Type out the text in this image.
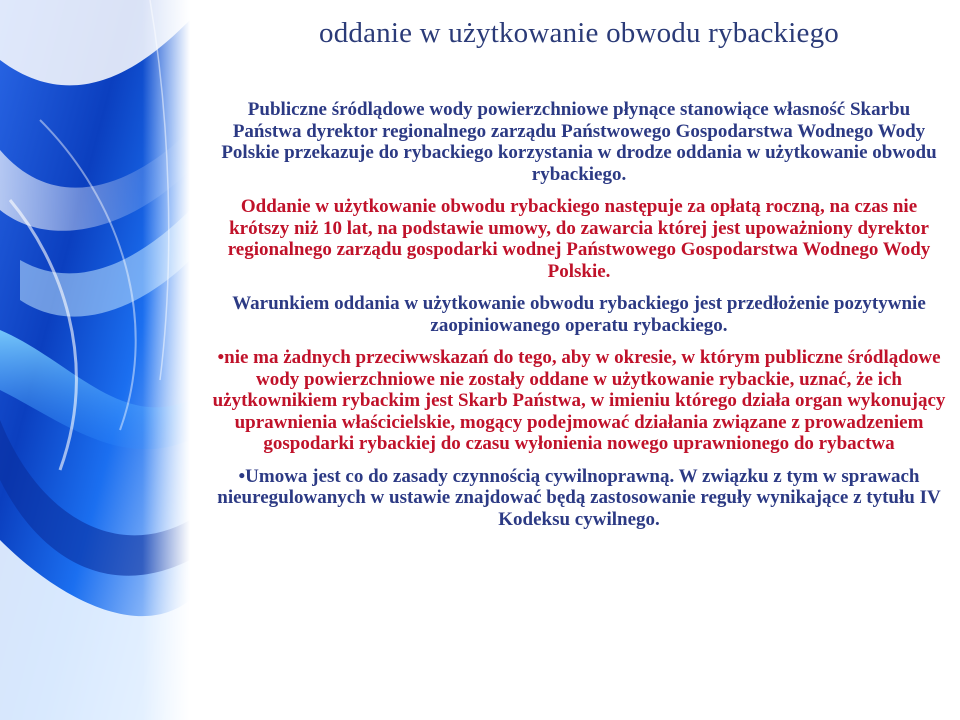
oddanie w użytkowanie obwodu rybackiego

Publiczne śródlądowe wody powierzchniowe płynące stanowiące własność Skarbu Państwa dyrektor regionalnego zarządu Państwowego Gospodarstwa Wodnego Wody Polskie przekazuje do rybackiego korzystania w drodze oddania w użytkowanie obwodu rybackiego.

Oddanie w użytkowanie obwodu rybackiego następuje za opłatą roczną, na czas nie krótszy niż 10 lat, na podstawie umowy, do zawarcia której jest upoważniony dyrektor regionalnego zarządu gospodarki wodnej Państwowego Gospodarstwa Wodnego Wody Polskie.

Warunkiem oddania w użytkowanie obwodu rybackiego jest przedłożenie pozytywnie zaopiniowanego operatu rybackiego.

•nie ma żadnych przeciwwskazań do tego, aby w okresie, w którym publiczne śródlądowe wody powierzchniowe nie zostały oddane w użytkowanie rybackie, uznać, że ich użytkownikiem rybackim jest Skarb Państwa, w imieniu którego działa organ wykonujący uprawnienia właścicielskie, mogący podejmować działania związane z prowadzeniem gospodarki rybackiej do czasu wyłonienia nowego uprawnionego do rybactwa

•Umowa jest co do zasady czynnością cywilnoprawną. W związku z tym w sprawach nieuregulowanych w ustawie znajdować będą zastosowanie reguły wynikające z tytułu IV Kodeksu cywilnego.
